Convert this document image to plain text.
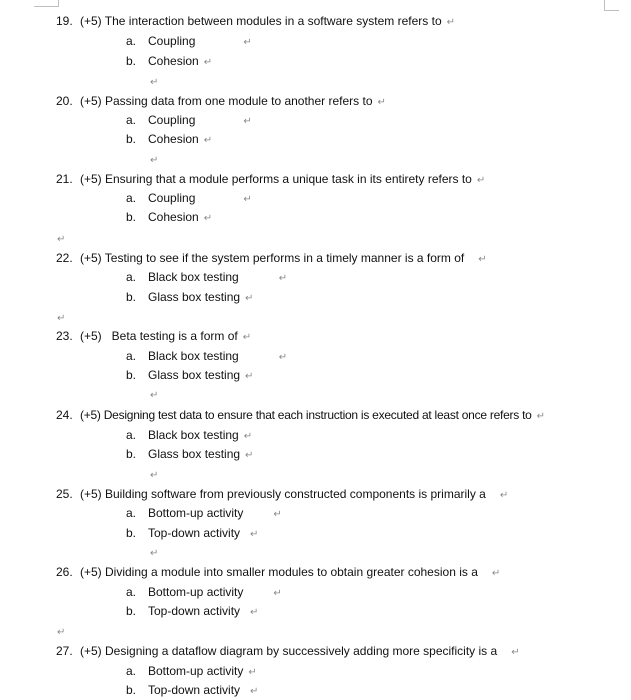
19. (+5) The interaction between modules in a software system refers to ↵
a. Coupling	↵
b. Cohesion ↵
↵
20. (+5) Passing data from one module to another refers to ↵
a. Coupling	↵
b. Cohesion ↵
↵
21. (+5) Ensuring that a module performs a unique task in its entirety refers to ↵
a. Coupling	↵
b. Cohesion ↵
↵
22. (+5) Testing to see if the system performs in a timely manner is a form of ↵
a. Black box testing	↵
b. Glass box testing ↵
↵
23. (+5)   Beta testing is a form of ↵
a. Black box testing	↵
b. Glass box testing ↵
↵
24. (+5) Designing test data to ensure that each instruction is executed at least once refers to ↵
a. Black box testing ↵
b. Glass box testing ↵
↵
25. (+5) Building software from previously constructed components is primarily a ↵
a. Bottom-up activity	↵
b. Top-down activity ↵
↵
26. (+5) Dividing a module into smaller modules to obtain greater cohesion is a ↵
a. Bottom-up activity	↵
b. Top-down activity ↵
↵
27. (+5) Designing a dataflow diagram by successively adding more specificity is a ↵
a. Bottom-up activity ↵
b. Top-down activity ↵
